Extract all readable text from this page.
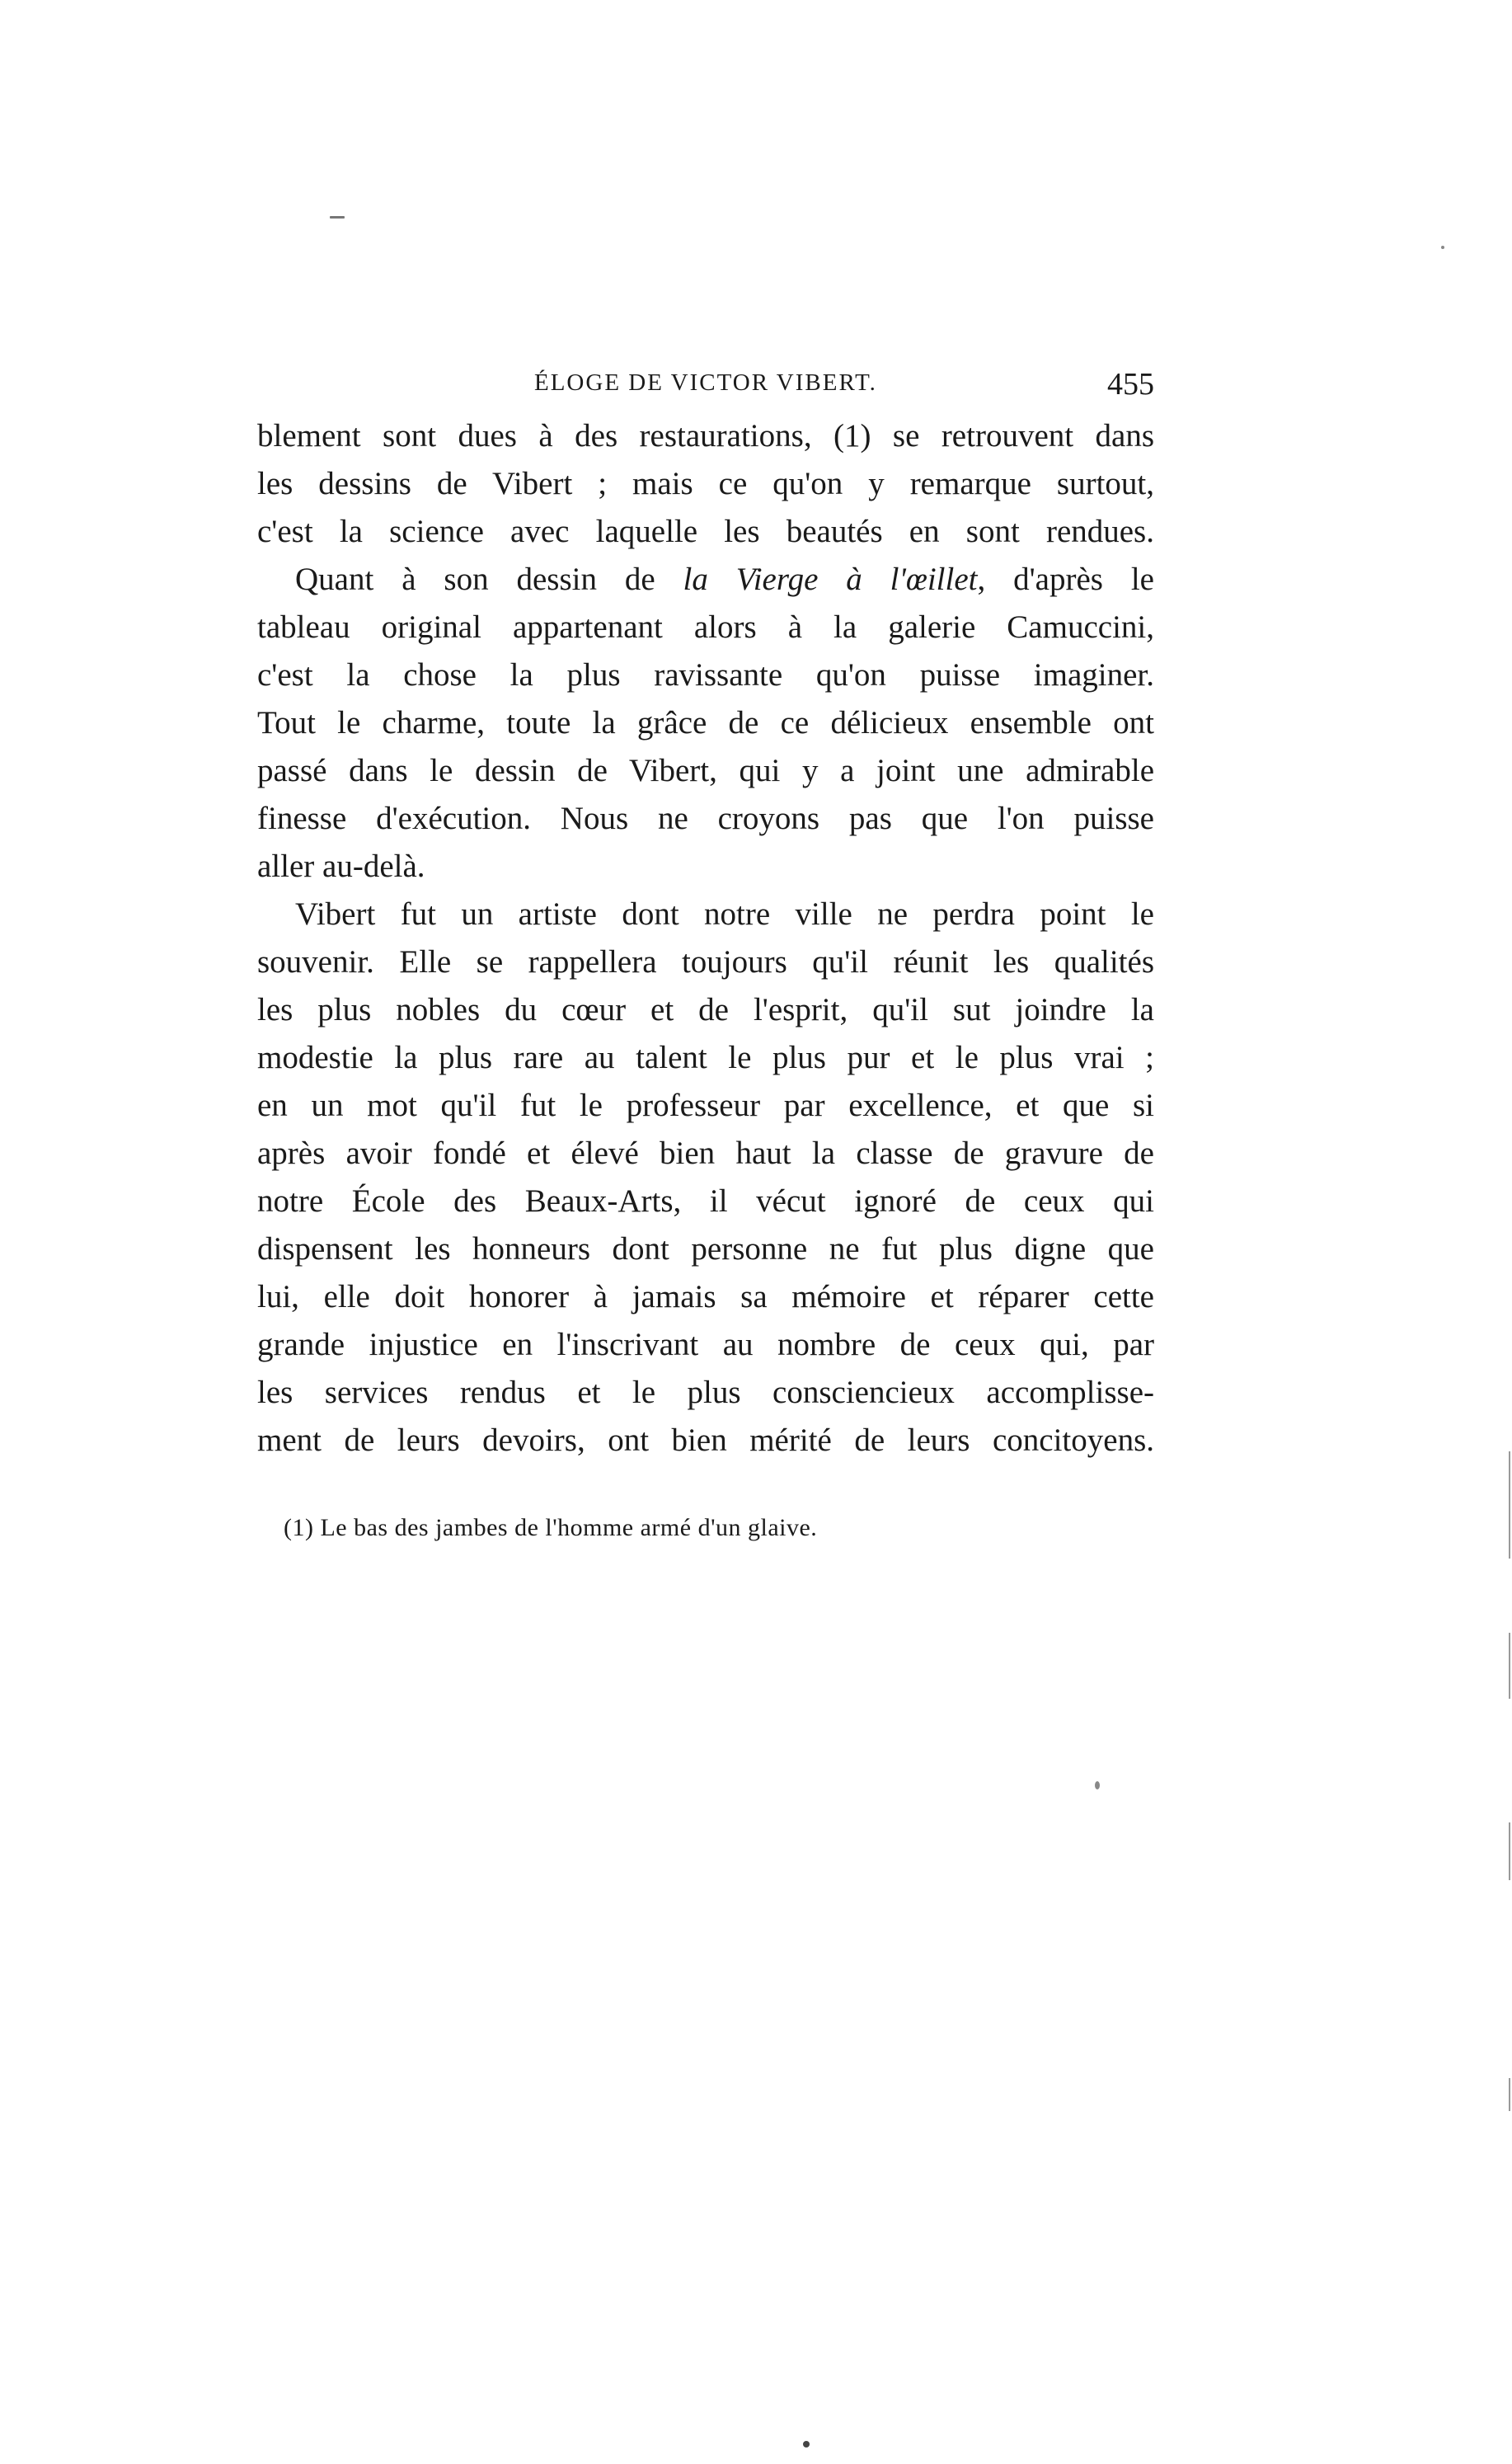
ÉLOGE DE VICTOR VIBERT.	455
blement sont dues à des restaurations, (1) se retrouvent dans
les dessins de Vibert ; mais ce qu'on y remarque surtout,
c'est la science avec laquelle les beautés en sont rendues.
Quant à son dessin de la Vierge à l'œillet, d'après le
tableau original appartenant alors à la galerie Camuccini,
c'est la chose la plus ravissante qu'on puisse imaginer.
Tout le charme, toute la grâce de ce délicieux ensemble ont
passé dans le dessin de Vibert, qui y a joint une admirable
finesse d'exécution. Nous ne croyons pas que l'on puisse
aller au-delà.
Vibert fut un artiste dont notre ville ne perdra point le
souvenir. Elle se rappellera toujours qu'il réunit les qualités
les plus nobles du cœur et de l'esprit, qu'il sut joindre la
modestie la plus rare au talent le plus pur et le plus vrai ;
en un mot qu'il fut le professeur par excellence, et que si
après avoir fondé et élevé bien haut la classe de gravure de
notre École des Beaux-Arts, il vécut ignoré de ceux qui
dispensent les honneurs dont personne ne fut plus digne que
lui, elle doit honorer à jamais sa mémoire et réparer cette
grande injustice en l'inscrivant au nombre de ceux qui, par
les services rendus et le plus consciencieux accomplisse-
ment de leurs devoirs, ont bien mérité de leurs concitoyens.
(1) Le bas des jambes de l'homme armé d'un glaive.
